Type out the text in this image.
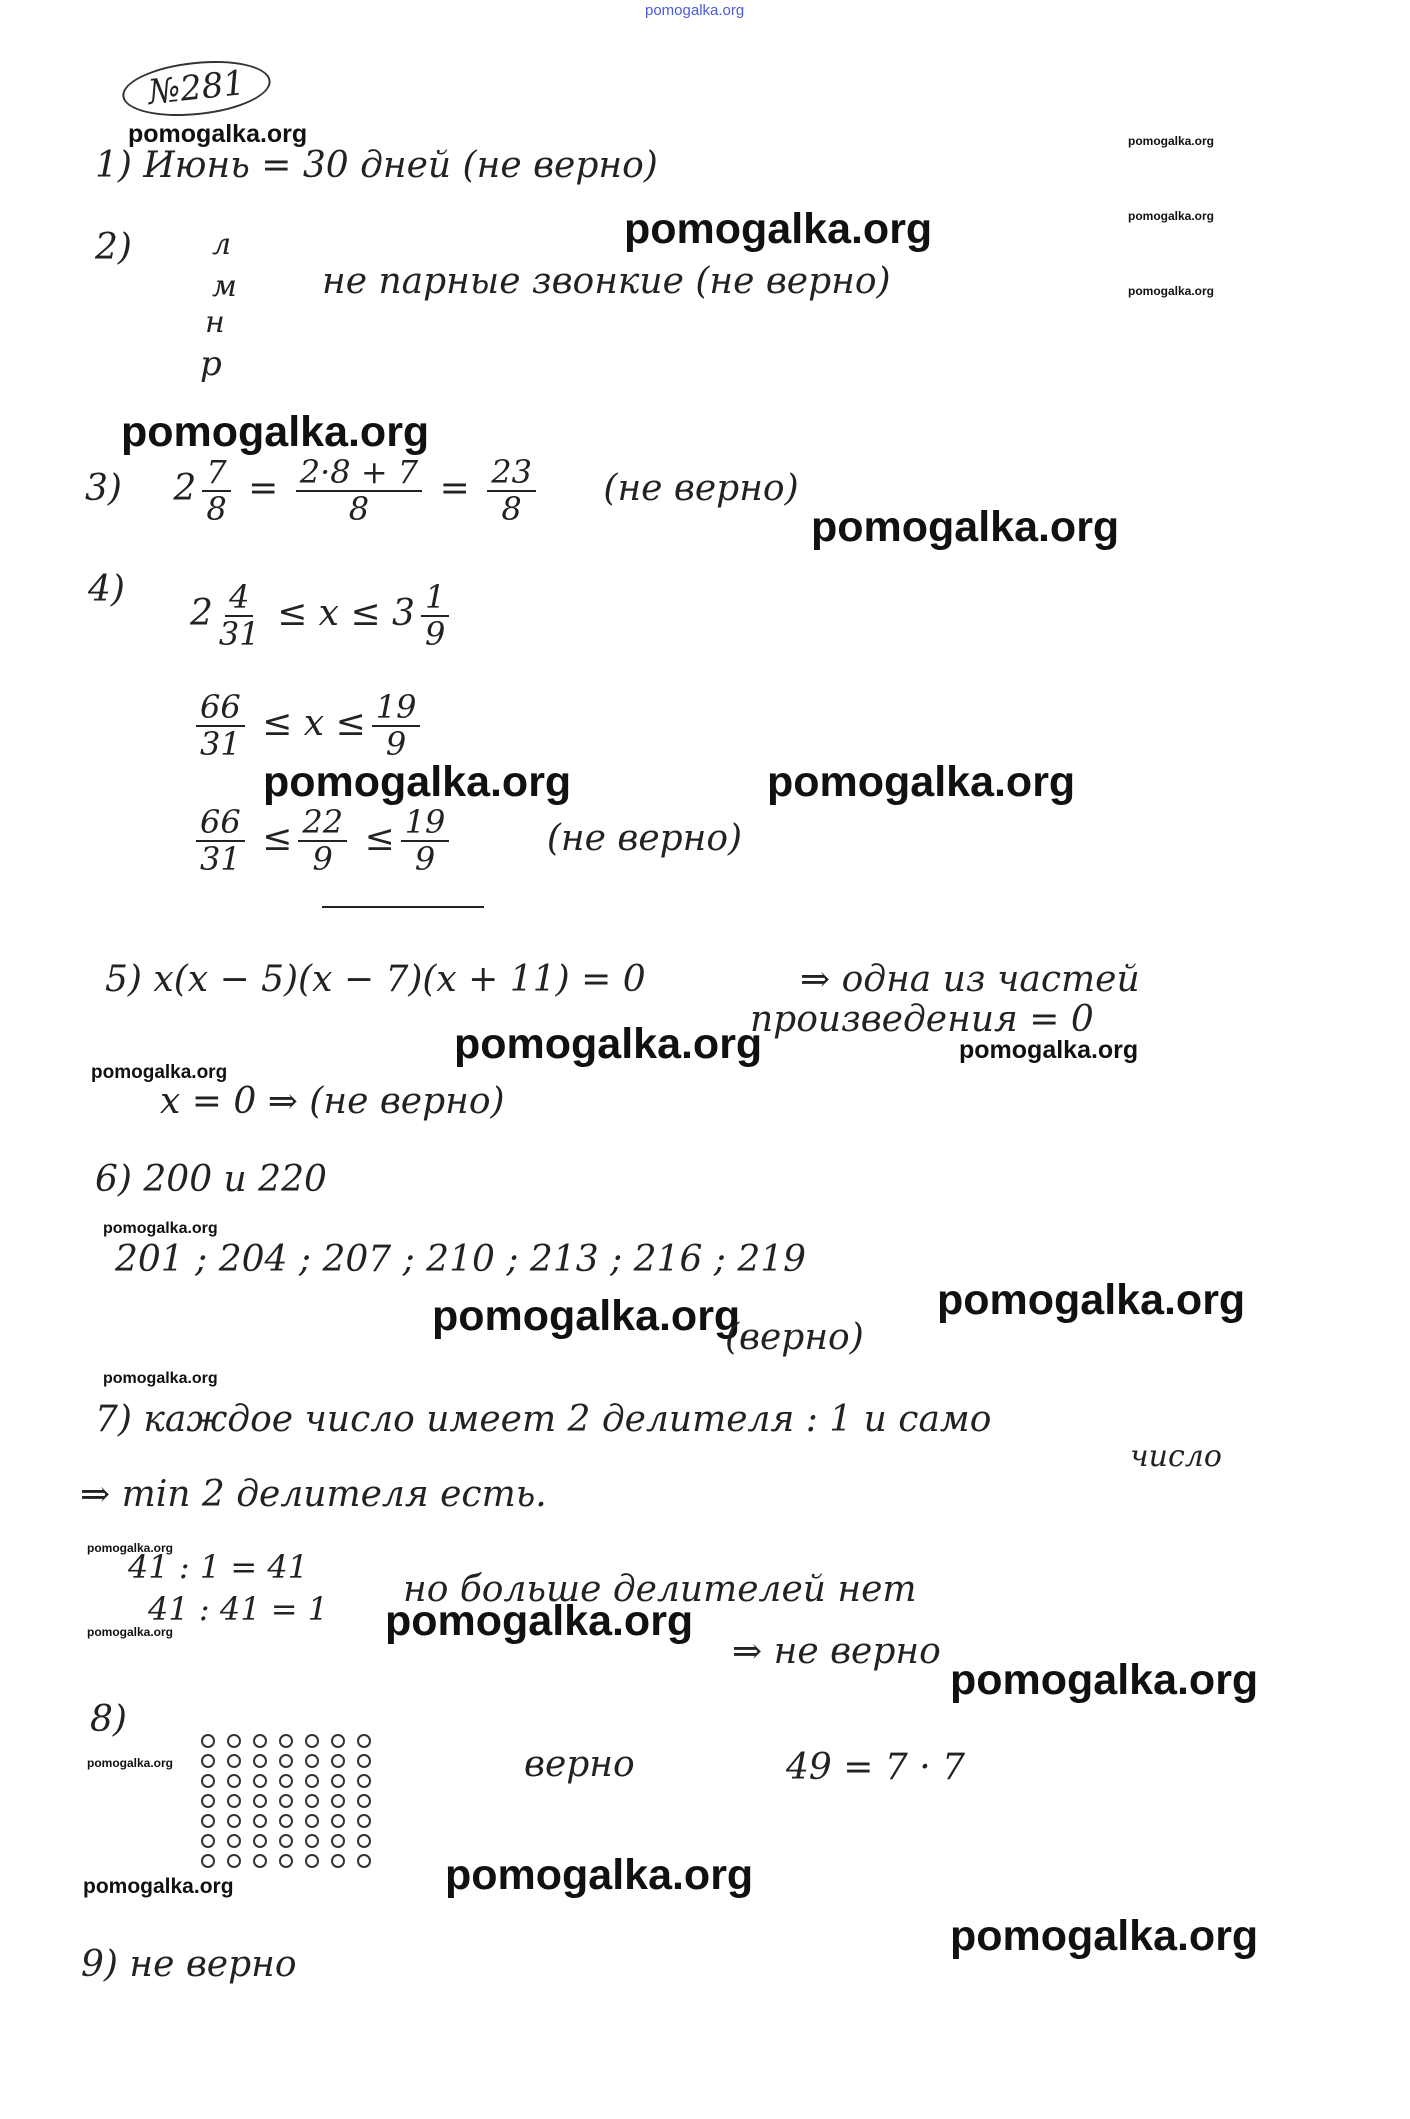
pomogalka.org
№281
pomogalka.org	pomogalka.org
pomogalka.org
pomogalka.org
pomogalka.org
pomogalka.org
pomogalka.org
pomogalka.org	pomogalka.org
pomogalka.org	pomogalka.org
pomogalka.org
pomogalka.org
pomogalka.org	pomogalka.org
pomogalka.org
pomogalka.org
pomogalka.org	pomogalka.org
pomogalka.org
pomogalka.org
pomogalka.org
pomogalka.org
pomogalka.org
1) Июнь = 30 дней (не верно)
2)	л
м
н
р
не парные звонкие (не верно)
3) $2 \frac{7}{8} = \frac{2\cdot 8 + 7}{8} = \frac{23}{8} (не$ верно)
4)
$2 \frac{4}{31} \le x \le 3 \frac{1}{9}$
$\frac{66}{31} \le x \le \frac{19}{9}$
$\frac{66}{31} \le \frac{22}{9} \le \frac{19}{9}$	(не верно)
5) x(x − 5)(x − 7)(x + 11) = 0	⇒ одна из частей
произведения = 0
x = 0 ⇒ (не верно)
6) 200 и 220
201 ; 204 ; 207 ; 210 ; 213 ; 216 ; 219
(верно)
7) каждое число имеет 2 делителя : 1 и само
число
⇒ min 2 делителя есть.
41 : 1 = 41
41 : 41 = 1 но больше делителей нет
⇒ не верно
8)
верно	49 = 7 · 7
9) не верно
